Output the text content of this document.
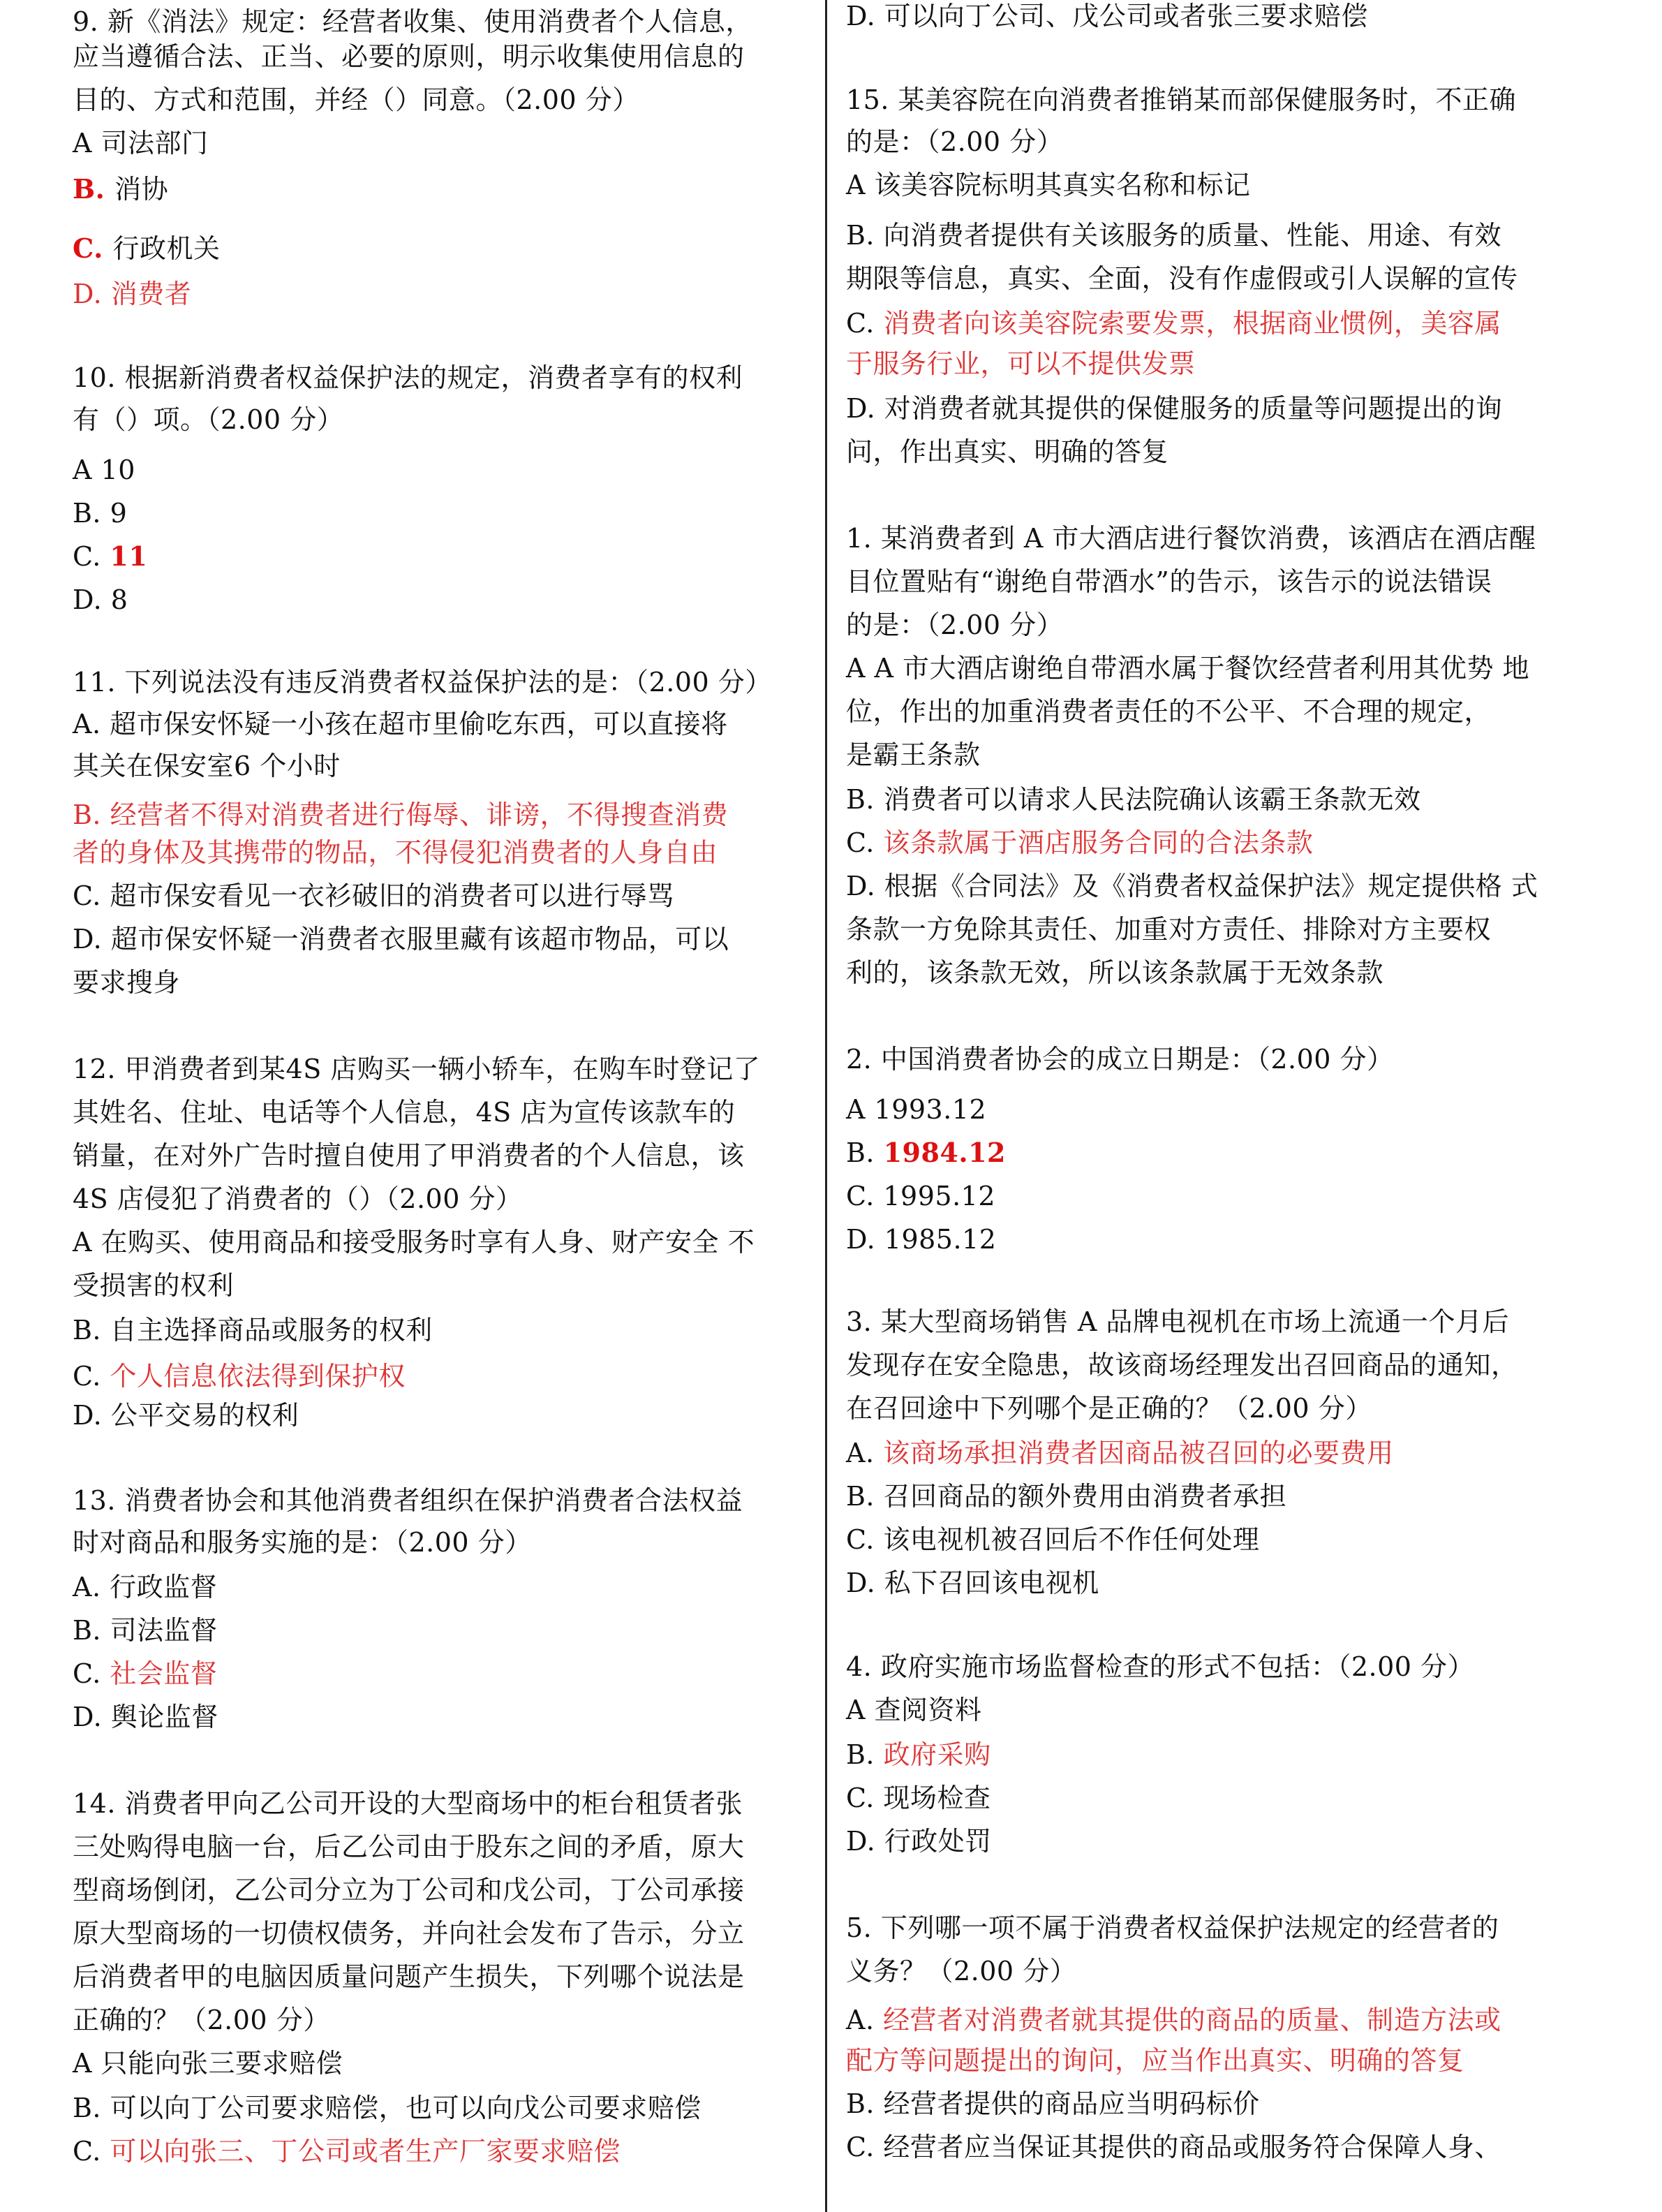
9. 新《消法》规定：经营者收集、使用消费者个人信息，
应当遵循合法、正当、必要的原则，明示收集使用信息的
目的、方式和范围，并经（）同意。（2.00 分）
A 司法部门
B. 消协
C. 行政机关
D. 消费者
10. 根据新消费者权益保护法的规定，消费者享有的权利
有（）项。（2.00 分）
A 10
B. 9
C. 11
D. 8
11. 下列说法没有违反消费者权益保护法的是：（2.00 分）
A. 超市保安怀疑一小孩在超市里偷吃东西，可以直接将
其关在保安室6 个小时
B. 经营者不得对消费者进行侮辱、诽谤，不得搜查消费
者的身体及其携带的物品，不得侵犯消费者的人身自由
C. 超市保安看见一衣衫破旧的消费者可以进行辱骂
D. 超市保安怀疑一消费者衣服里藏有该超市物品，可以
要求搜身
12. 甲消费者到某4S 店购买一辆小轿车，在购车时登记了
其姓名、住址、电话等个人信息，4S 店为宣传该款车的
销量，在对外广告时擅自使用了甲消费者的个人信息，该
4S 店侵犯了消费者的（）（2.00 分）
A 在购买、使用商品和接受服务时享有人身、财产安全 不
受损害的权利
B. 自主选择商品或服务的权利
C. 个人信息依法得到保护权
D. 公平交易的权利
13. 消费者协会和其他消费者组织在保护消费者合法权益
时对商品和服务实施的是：（2.00 分）
A. 行政监督
B. 司法监督
C. 社会监督
D. 舆论监督
14. 消费者甲向乙公司开设的大型商场中的柜台租赁者张
三处购得电脑一台，后乙公司由于股东之间的矛盾，原大
型商场倒闭，乙公司分立为丁公司和戊公司，丁公司承接
原大型商场的一切债权债务，并向社会发布了告示，分立
后消费者甲的电脑因质量问题产生损失，下列哪个说法是
正确的？（2.00 分）
A 只能向张三要求赔偿
B. 可以向丁公司要求赔偿，也可以向戊公司要求赔偿
C. 可以向张三、丁公司或者生产厂家要求赔偿
D. 可以向丁公司、戊公司或者张三要求赔偿
15. 某美容院在向消费者推销某而部保健服务时，不正确
的是：（2.00 分）
A 该美容院标明其真实名称和标记
B. 向消费者提供有关该服务的质量、性能、用途、有效
期限等信息，真实、全面，没有作虚假或引人误解的宣传
C. 消费者向该美容院索要发票，根据商业惯例，美容属
于服务行业，可以不提供发票
D. 对消费者就其提供的保健服务的质量等问题提出的询
问，作出真实、明确的答复
1. 某消费者到 A 市大酒店进行餐饮消费，该酒店在酒店醒
目位置贴有“谢绝自带酒水”的告示，该告示的说法错误
的是：（2.00 分）
A A 市大酒店谢绝自带酒水属于餐饮经营者利用其优势 地
位，作出的加重消费者责任的不公平、不合理的规定，
是霸王条款
B. 消费者可以请求人民法院确认该霸王条款无效
C. 该条款属于酒店服务合同的合法条款
D. 根据《合同法》及《消费者权益保护法》规定提供格 式
条款一方免除其责任、加重对方责任、排除对方主要权
利的，该条款无效，所以该条款属于无效条款
2. 中国消费者协会的成立日期是：（2.00 分）
A 1993.12
B. 1984.12
C. 1995.12
D. 1985.12
3. 某大型商场销售 A 品牌电视机在市场上流通一个月后
发现存在安全隐患，故该商场经理发出召回商品的通知，
在召回途中下列哪个是正确的？（2.00 分）
A. 该商场承担消费者因商品被召回的必要费用
B. 召回商品的额外费用由消费者承担
C. 该电视机被召回后不作任何处理
D. 私下召回该电视机
4. 政府实施市场监督检查的形式不包括：（2.00 分）
A 查阅资料
B. 政府采购
C. 现场检查
D. 行政处罚
5. 下列哪一项不属于消费者权益保护法规定的经营者的
义务？（2.00 分）
A. 经营者对消费者就其提供的商品的质量、制造方法或
配方等问题提出的询问，应当作出真实、明确的答复
B. 经营者提供的商品应当明码标价
C. 经营者应当保证其提供的商品或服务符合保障人身、
